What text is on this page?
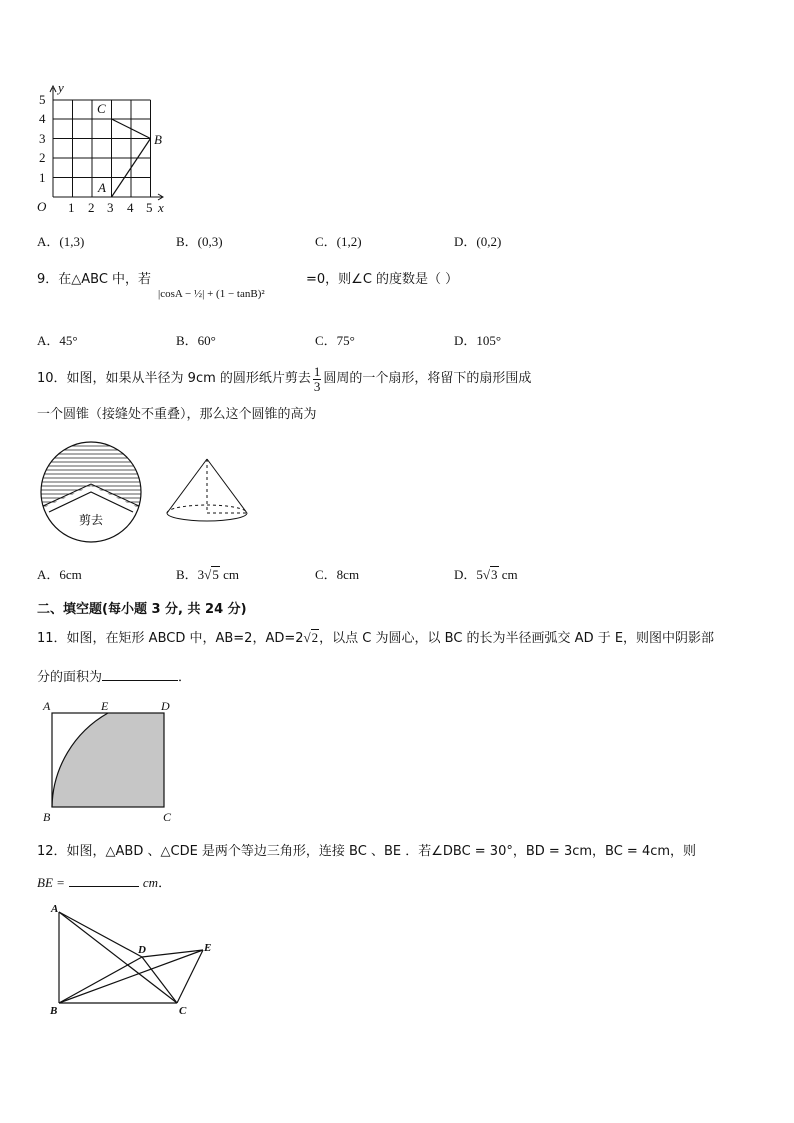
5
4
3
2
1
O 1 2 3 4 5 x
y
C
B
A
A．(1,3)	B．(0,3)	C．(1,2)	D．(0,2)
9．在△ABC 中，若
|cosA − ½| + (1 − tanB)²
=0，则∠C 的度数是（ ）
A．45°	B．60°	C．75°	D．105°
10．如图，如果从半径为 9cm 的圆形纸片剪去 $\frac{1}{3}$ 圆周的一个扇形，将留下的扇形围成
一个圆锥（接缝处不重叠），那么这个圆锥的高为
剪去
A．6cm	B．3√5 cm	C．8cm	D．5√3 cm
二、填空题(每小题 3 分, 共 24 分)
11．如图，在矩形 ABCD 中，AB=2，AD=2√2，以点 C 为圆心，以 BC 的长为半径画弧交 AD 于 E，则图中阴影部
分的面积为	．
A	E	D
B	C
12．如图，△ABD 、△CDE 是两个等边三角形，连接 BC 、BE ．若∠DBC = 30°，BD = 3cm，BC = 4cm，则
BE =	cm．
A
B	C
D	E
